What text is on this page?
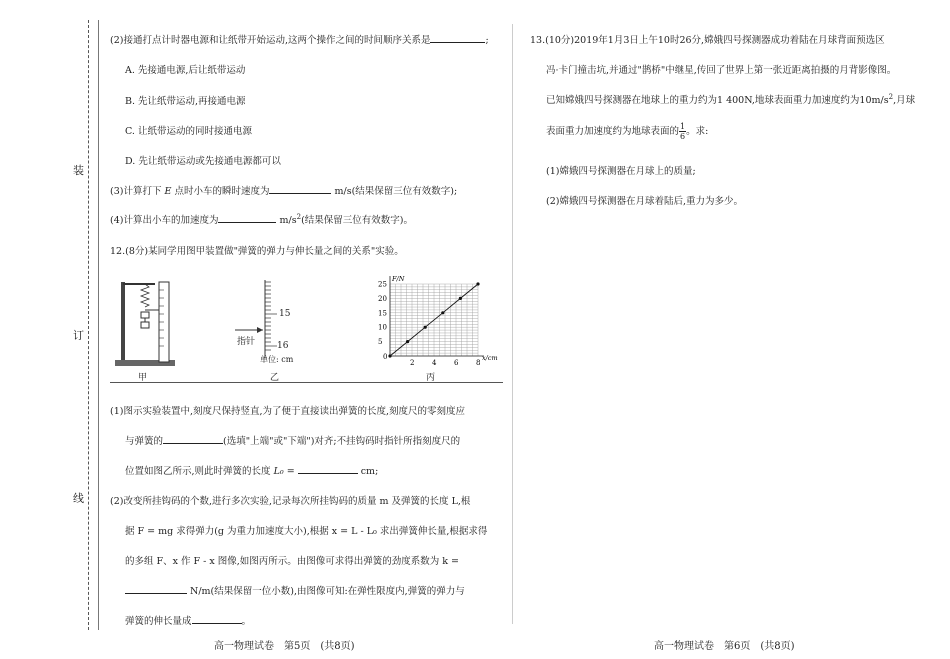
装
订
线
(2)接通打点计时器电源和让纸带开始运动,这两个操作之间的时间顺序关系是	;
A. 先接通电源,后让纸带运动
B. 先让纸带运动,再接通电源
C. 让纸带运动的同时接通电源
D. 先让纸带运动或先接通电源都可以
(3)计算打下 E 点时小车的瞬时速度为	m/s(结果保留三位有效数字);
(4)计算出小车的加速度为	$m/s^2$(结果保留三位有效数字)。
12.(8分)某同学用图甲装置做"弹簧的弹力与伸长量之间的关系"实验。
甲
15
16
指针
单位: cm
乙
x/cm
F/N
0
2	4	6	8
5
10
15
20
25
丙
(1)图示实验装置中,刻度尺保持竖直,为了便于直接读出弹簧的长度,刻度尺的零刻度应
与弹簧的	(选填"上端"或"下端")对齐;不挂钩码时指针所指刻度尺的
位置如图乙所示,则此时弹簧的长度 L₀ =	cm;
(2)改变所挂钩码的个数,进行多次实验,记录每次所挂钩码的质量 m 及弹簧的长度 L,根
据 F = mg 求得弹力(g 为重力加速度大小),根据 x = L - L₀ 求出弹簧伸长量,根据求得
的多组 F、x 作 F - x 图像,如图丙所示。由图像可求得出弹簧的劲度系数为 k =
N/m(结果保留一位小数),由图像可知:在弹性限度内,弹簧的弹力与
弹簧的伸长量成	。
13.(10分)2019年1月3日上午10时26分,嫦娥四号探测器成功着陆在月球背面预选区
冯·卡门撞击坑,并通过"鹊桥"中继星,传回了世界上第一张近距离拍摄的月背影像图。
已知嫦娥四号探测器在地球上的重力约为1 400N,地球表面重力加速度约为$10m/s^2$,月球
表面重力加速度约为地球表面的 $\frac{1}{6}$ 。求:
(1)嫦娥四号探测器在月球上的质量;
(2)嫦娥四号探测器在月球着陆后,重力为多少。
高一物理试卷　第5页　(共8页)	高一物理试卷　第6页　(共8页)
